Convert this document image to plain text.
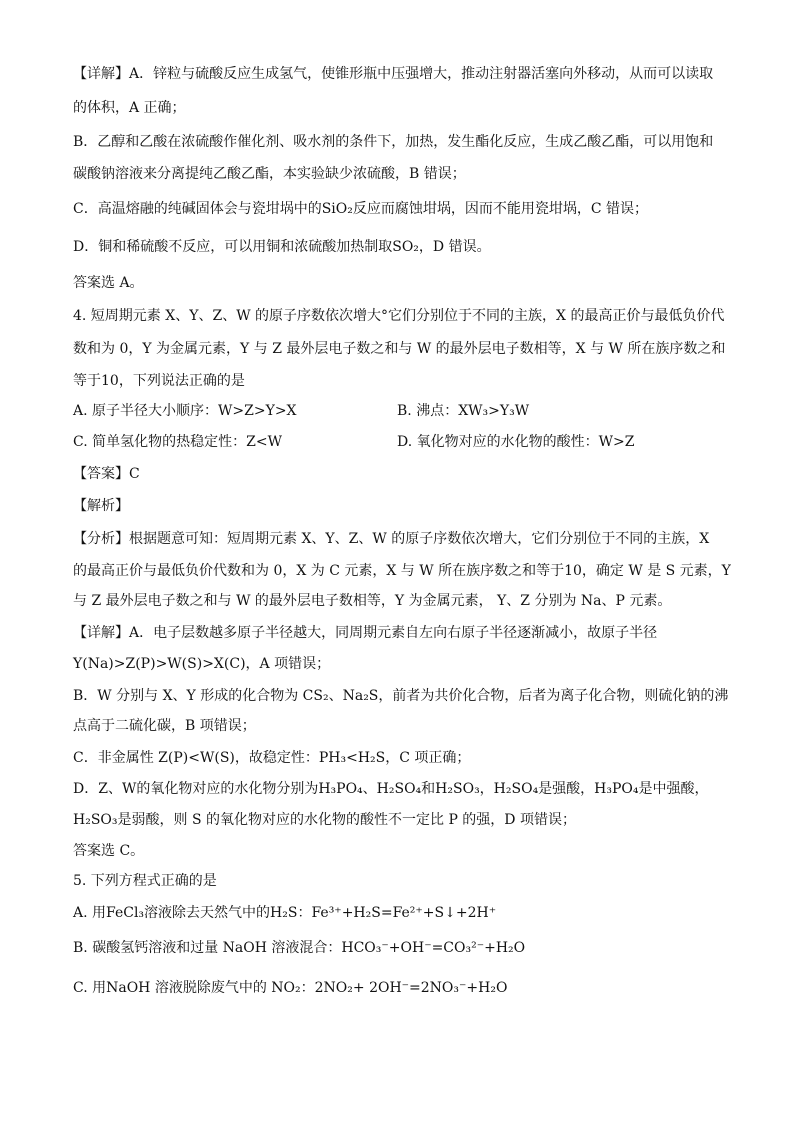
【详解】A．锌粒与硫酸反应生成氢气，使锥形瓶中压强增大，推动注射器活塞向外移动，从而可以读取
的体积，A 正确；
B．乙醇和乙酸在浓硫酸作催化剂、吸水剂的条件下，加热，发生酯化反应，生成乙酸乙酯，可以用饱和
碳酸钠溶液来分离提纯乙酸乙酯，本实验缺少浓硫酸，B 错误；
C．高温熔融的纯碱固体会与瓷坩埚中的SiO₂反应而腐蚀坩埚，因而不能用瓷坩埚，C 错误；
D．铜和稀硫酸不反应，可以用铜和浓硫酸加热制取SO₂，D 错误。
答案选 A。
4. 短周期元素 X、Y、Z、W 的原子序数依次增大°它们分别位于不同的主族，X 的最高正价与最低负价代
数和为 0，Y 为金属元素，Y 与 Z 最外层电子数之和与 W 的最外层电子数相等，X 与 W 所在族序数之和
等于10，下列说法正确的是
A. 原子半径大小顺序：W>Z>Y>X	B. 沸点：XW₃>Y₃W
C. 简单氢化物的热稳定性：Z<W	D. 氧化物对应的水化物的酸性：W>Z
【答案】C
【解析】
【分析】根据题意可知：短周期元素 X、Y、Z、W 的原子序数依次增大，它们分别位于不同的主族，X
的最高正价与最低负价代数和为 0，X 为 C 元素，X 与 W 所在族序数之和等于10，确定 W 是 S 元素，Y
与 Z 最外层电子数之和与 W 的最外层电子数相等，Y 为金属元素， Y、Z 分别为 Na、P 元素。
【详解】A．电子层数越多原子半径越大，同周期元素自左向右原子半径逐渐减小，故原子半径
Y(Na)>Z(P)>W(S)>X(C)，A 项错误；
B．W 分别与 X、Y 形成的化合物为 CS₂、Na₂S，前者为共价化合物，后者为离子化合物，则硫化钠的沸
点高于二硫化碳，B 项错误；
C．非金属性 Z(P)<W(S)，故稳定性：PH₃<H₂S，C 项正确；
D．Z、W的氧化物对应的水化物分别为H₃PO₄、H₂SO₄和H₂SO₃，H₂SO₄是强酸，H₃PO₄是中强酸，
H₂SO₃是弱酸，则 S 的氧化物对应的水化物的酸性不一定比 P 的强，D 项错误；
答案选 C。
5. 下列方程式正确的是
A. 用FeCl₃溶液除去天然气中的H₂S：Fe³⁺+H₂S=Fe²⁺+S↓+2H⁺
B. 碳酸氢钙溶液和过量 NaOH 溶液混合：HCO₃⁻+OH⁻=CO₃²⁻+H₂O
C. 用NaOH 溶液脱除废气中的 NO₂：2NO₂+ 2OH⁻=2NO₃⁻+H₂O
